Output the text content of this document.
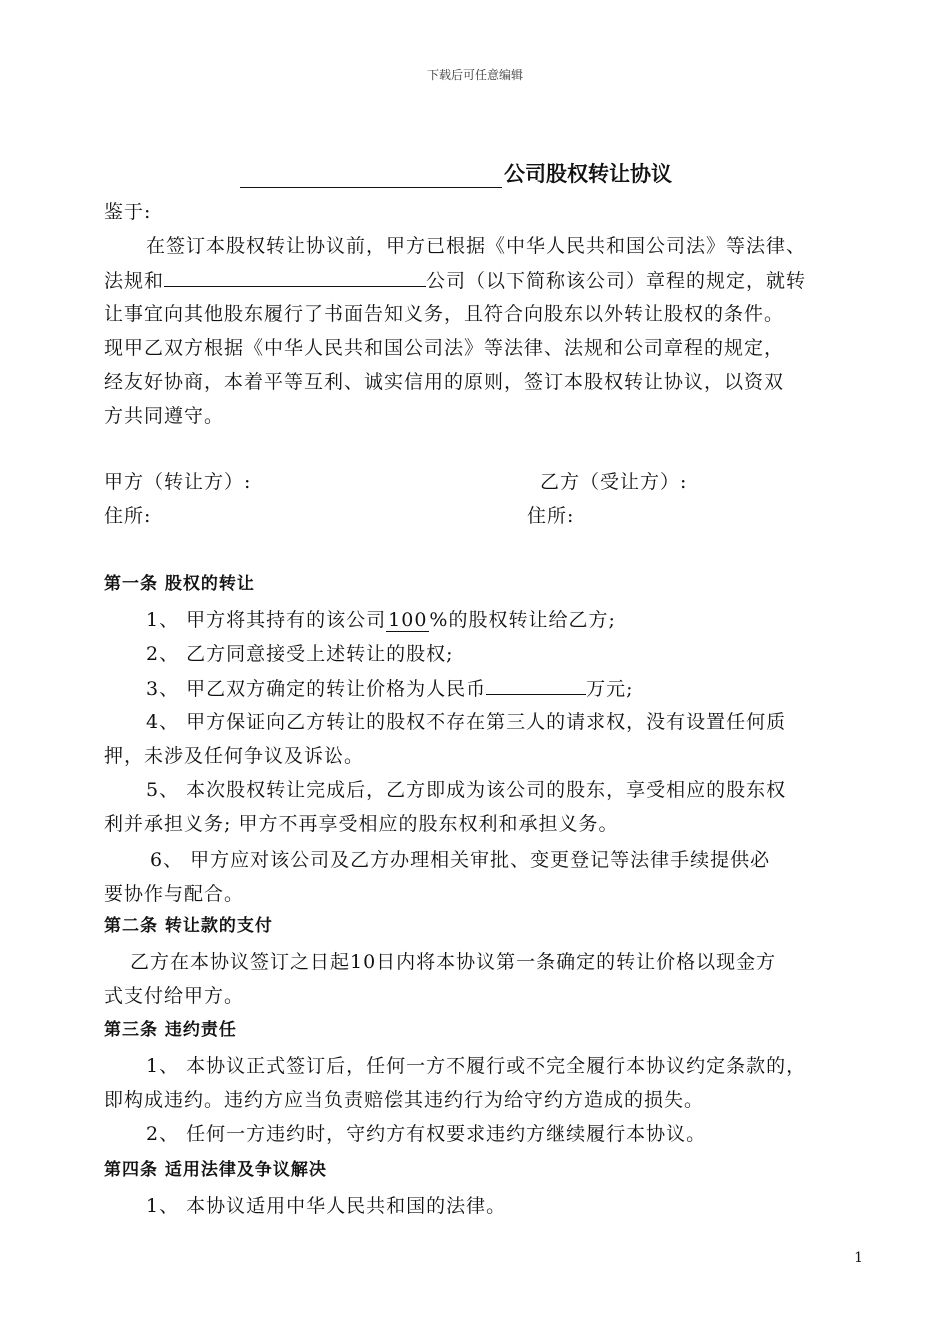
下载后可任意编辑
公司股权转让协议
鉴于:
在签订本股权转让协议前，甲方已根据《中华人民共和国公司法》等法律、
法规和	公司（以下简称该公司）章程的规定，就转
让事宜向其他股东履行了书面告知义务，且符合向股东以外转让股权的条件。
现甲乙双方根据《中华人民共和国公司法》等法律、法规和公司章程的规定，
经友好协商，本着平等互利、诚实信用的原则，签订本股权转让协议，以资双
方共同遵守。
甲方（转让方）:	乙方（受让方）:
住所:	住所:
第一条 股权的转让
1、 甲方将其持有的该公司 100 %的股权转让给乙方;
2、 乙方同意接受上述转让的股权;
3、 甲乙双方确定的转让价格为人民币	万元;
4、 甲方保证向乙方转让的股权不存在第三人的请求权，没有设置任何质
押，未涉及任何争议及诉讼。
5、 本次股权转让完成后，乙方即成为该公司的股东，享受相应的股东权
利并承担义务; 甲方不再享受相应的股东权利和承担义务。
6、 甲方应对该公司及乙方办理相关审批、变更登记等法律手续提供必
要协作与配合。
第二条 转让款的支付
乙方在本协议签订之日起10日内将本协议第一条确定的转让价格以现金方
式支付给甲方。
第三条 违约责任
1、 本协议正式签订后，任何一方不履行或不完全履行本协议约定条款的，
即构成违约。违约方应当负责赔偿其违约行为给守约方造成的损失。
2、 任何一方违约时，守约方有权要求违约方继续履行本协议。
第四条 适用法律及争议解决
1、 本协议适用中华人民共和国的法律。
1
